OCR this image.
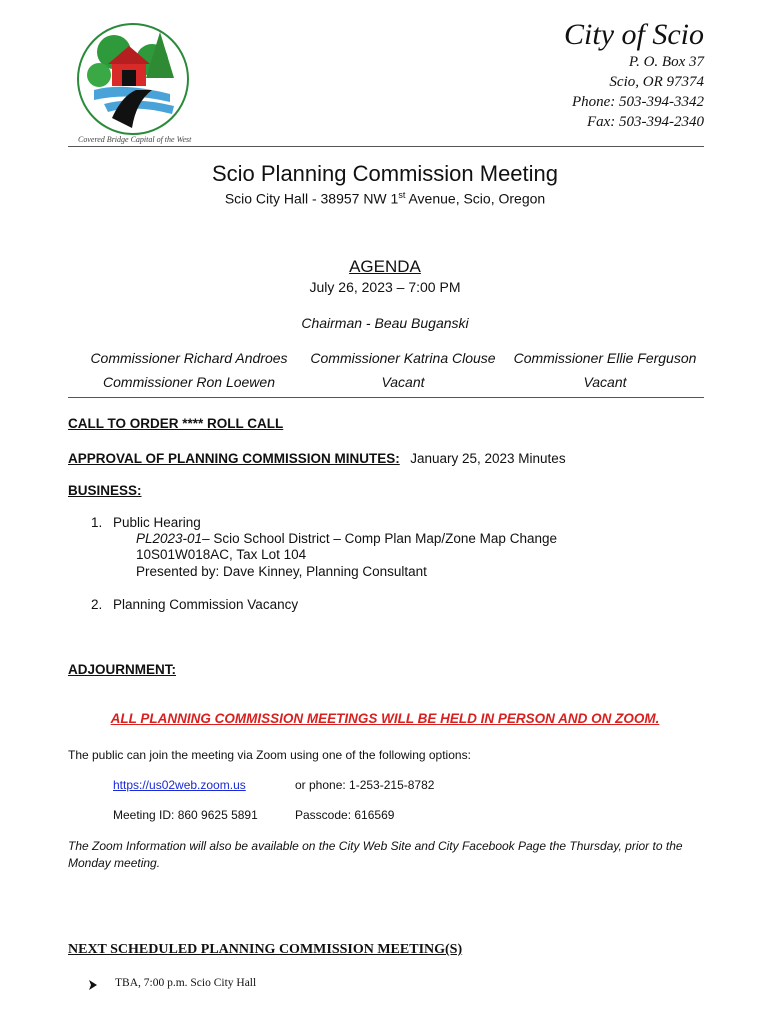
Covered Bridge Capital of the West
City of Scio
P. O. Box 37
Scio, OR 97374
Phone: 503-394-3342
Fax: 503-394-2340
Scio Planning Commission Meeting
Scio City Hall - 38957 NW 1st Avenue, Scio, Oregon
AGENDA
July 26, 2023 – 7:00 PM
Chairman - Beau Buganski
Commissioner Richard Androes	Commissioner Katrina Clouse	Commissioner Ellie Ferguson
Commissioner Ron Loewen	Vacant	Vacant
CALL TO ORDER **** ROLL CALL
APPROVAL OF PLANNING COMMISSION MINUTES: January 25, 2023 Minutes
BUSINESS:
1. Public Hearing
PL2023-01– Scio School District – Comp Plan Map/Zone Map Change
10S01W018AC, Tax Lot 104
Presented by: Dave Kinney, Planning Consultant
2. Planning Commission Vacancy
ADJOURNMENT:
ALL PLANNING COMMISSION MEETINGS WILL BE HELD IN PERSON AND ON ZOOM.
The public can join the meeting via Zoom using one of the following options:
https://us02web.zoom.us	or phone: 1-253-215-8782
Meeting ID: 860 9625 5891	Passcode: 616569
The Zoom Information will also be available on the City Web Site and City Facebook Page the Thursday, prior to the Monday meeting.
NEXT SCHEDULED PLANNING COMMISSION MEETING(S)
TBA, 7:00 p.m. Scio City Hall
